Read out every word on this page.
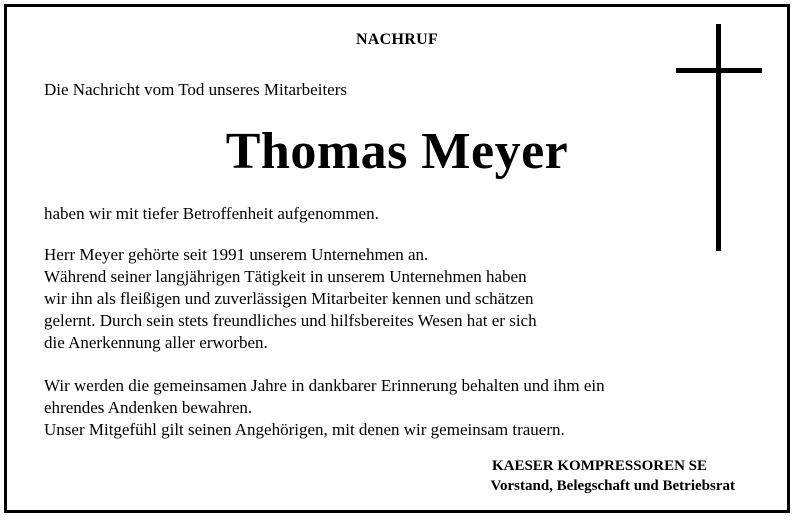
NACHRUF
Die Nachricht vom Tod unseres Mitarbeiters
Thomas Meyer
haben wir mit tiefer Betroffenheit aufgenommen.
Herr Meyer gehörte seit 1991 unserem Unternehmen an.
Während seiner langjährigen Tätigkeit in unserem Unternehmen haben
wir ihn als fleißigen und zuverlässigen Mitarbeiter kennen und schätzen
gelernt. Durch sein stets freundliches und hilfsbereites Wesen hat er sich
die Anerkennung aller erworben.
Wir werden die gemeinsamen Jahre in dankbarer Erinnerung behalten und ihm ein
ehrendes Andenken bewahren.
Unser Mitgefühl gilt seinen Angehörigen, mit denen wir gemeinsam trauern.
KAESER KOMPRESSOREN SE
Vorstand, Belegschaft und Betriebsrat
